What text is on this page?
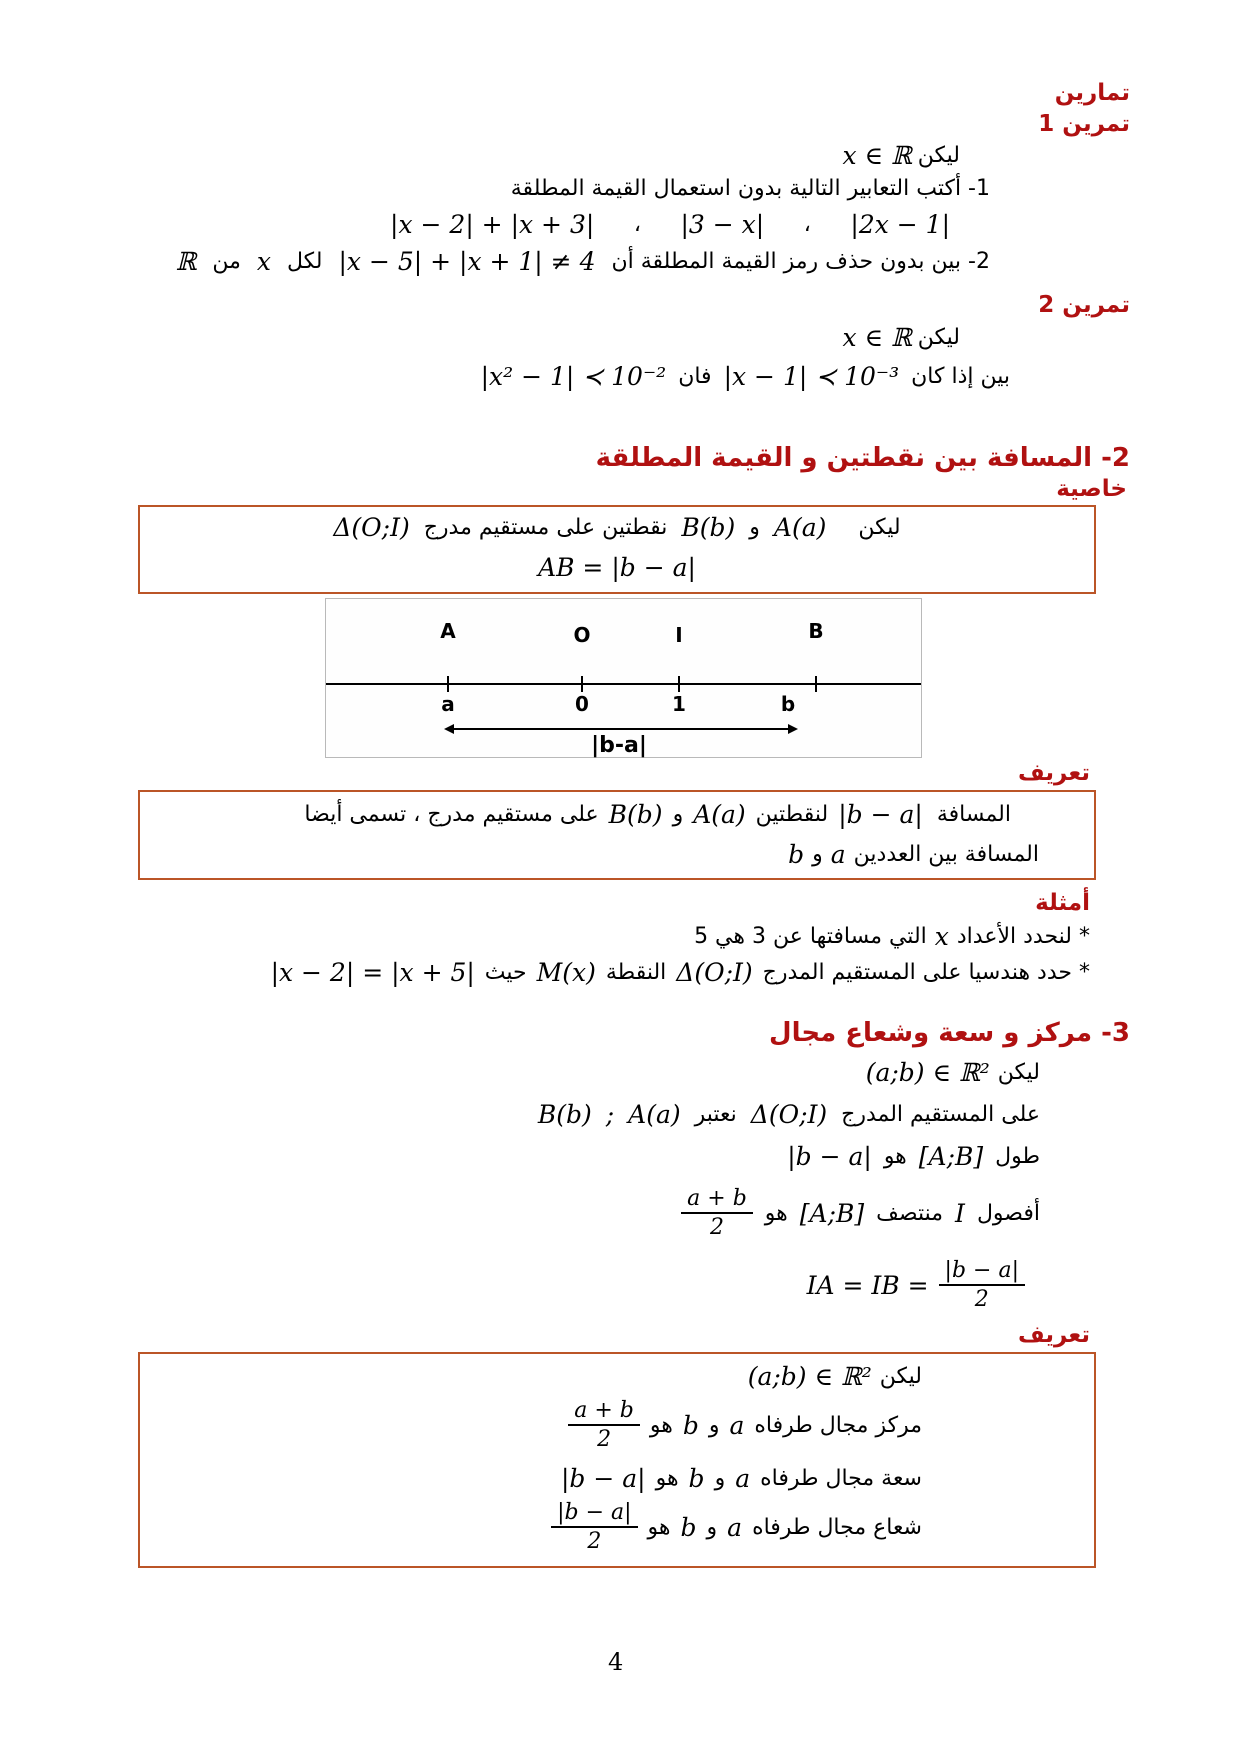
تمارين
تمرين 1
ليكن
x ∈ ℝ
1- أكتب التعابير التالية بدون استعمال القيمة المطلقة
|2x − 1|
،
|3 − x|
،
|x − 2| + |x + 3|
2- بين بدون حذف رمز القيمة المطلقة أن
|x − 5| + |x + 1| ≠ 4
لكل
x
من
ℝ
تمرين 2
ليكن
x ∈ ℝ
بين إذا كان
|x − 1| ≺ 10⁻³
فان
|x² − 1| ≺ 10⁻²
2- المسافة بين نقطتين و القيمة المطلقة
خاصية
ليكن
A(a)
و
B(b)
نقطتين على مستقيم مدرج
Δ(O;I)
AB = |b − a|
A	O	I	B
a	0	1	b
|b-a|
تعريف
المسافة
|b − a|
لنقطتين
A(a)
و
B(b)
على مستقيم مدرج ، تسمى أيضا
المسافة بين العددين
a
و
b
أمثلة
* لنحدد الأعداد
x
التي مسافتها عن 3 هي 5
* حدد هندسيا على المستقيم المدرج
Δ(O;I)
النقطة
M(x)
حيث
|x − 2| = |x + 5|
3- مركز و سعة وشعاع مجال
ليكن
(a;b) ∈ ℝ²
على المستقيم المدرج
Δ(O;I)
نعتبر
A(a)
;
B(b)
طول
[A;B]
هو
|b − a|
أفصول
I
منتصف
[A;B]
هو
$\frac{a + b}{2}$
IA = IB = $\frac{|b - a|}{2}$
تعريف
ليكن
(a;b) ∈ ℝ²
مركز مجال طرفاه
a
و
b
هو
$\frac{a + b}{2}$
سعة مجال طرفاه
a
و
b
هو
|b − a|
شعاع مجال طرفاه
a
و
b
هو
$\frac{|b - a|}{2}$
4
